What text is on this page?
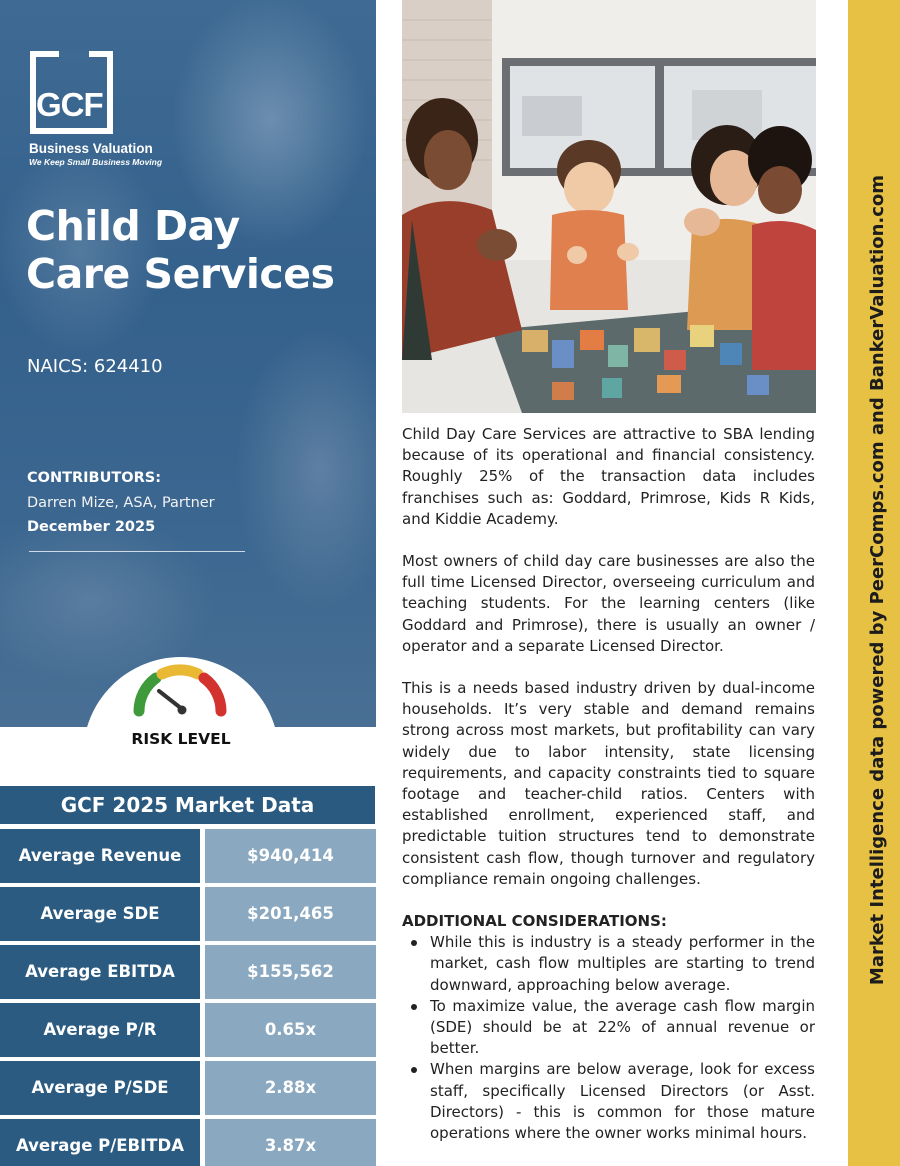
GCF
Business Valuation
We Keep Small Business Moving
Child Day
Care Services
NAICS: 624410
CONTRIBUTORS:
Darren Mize, ASA, Partner
December 2025
RISK LEVEL
GCF 2025 Market Data
Average Revenue	$940,414
Average SDE	$201,465
Average EBITDA	$155,562
Average P/R	0.65x
Average P/SDE	2.88x
Average P/EBITDA	3.87x

Child Day Care Services are attractive to SBA lending because of its operational and financial consistency. Roughly 25% of the transaction data includes franchises such as: Goddard, Primrose, Kids R Kids, and Kiddie Academy.

Most owners of child day care businesses are also the full time Licensed Director, overseeing curriculum and teaching students. For the learning centers (like Goddard and Primrose), there is usually an owner / operator and a separate Licensed Director.

This is a needs based industry driven by dual-income households. It’s very stable and demand remains strong across most markets, but profitability can vary widely due to labor intensity, state licensing requirements, and capacity constraints tied to square footage and teacher-child ratios. Centers with established enrollment, experienced staff, and predictable tuition structures tend to demonstrate consistent cash flow, though turnover and regulatory compliance remain ongoing challenges.

ADDITIONAL CONSIDERATIONS:

While this is industry is a steady performer in the market, cash flow multiples are starting to trend downward, approaching below average.
To maximize value, the average cash flow margin (SDE) should be at 22% of annual revenue or better.
When margins are below average, look for excess staff, specifically Licensed Directors (or Asst. Directors) - this is common for those mature operations where the owner works minimal hours.
Market Intelligence data powered by PeerComps.com and BankerValuation.com
